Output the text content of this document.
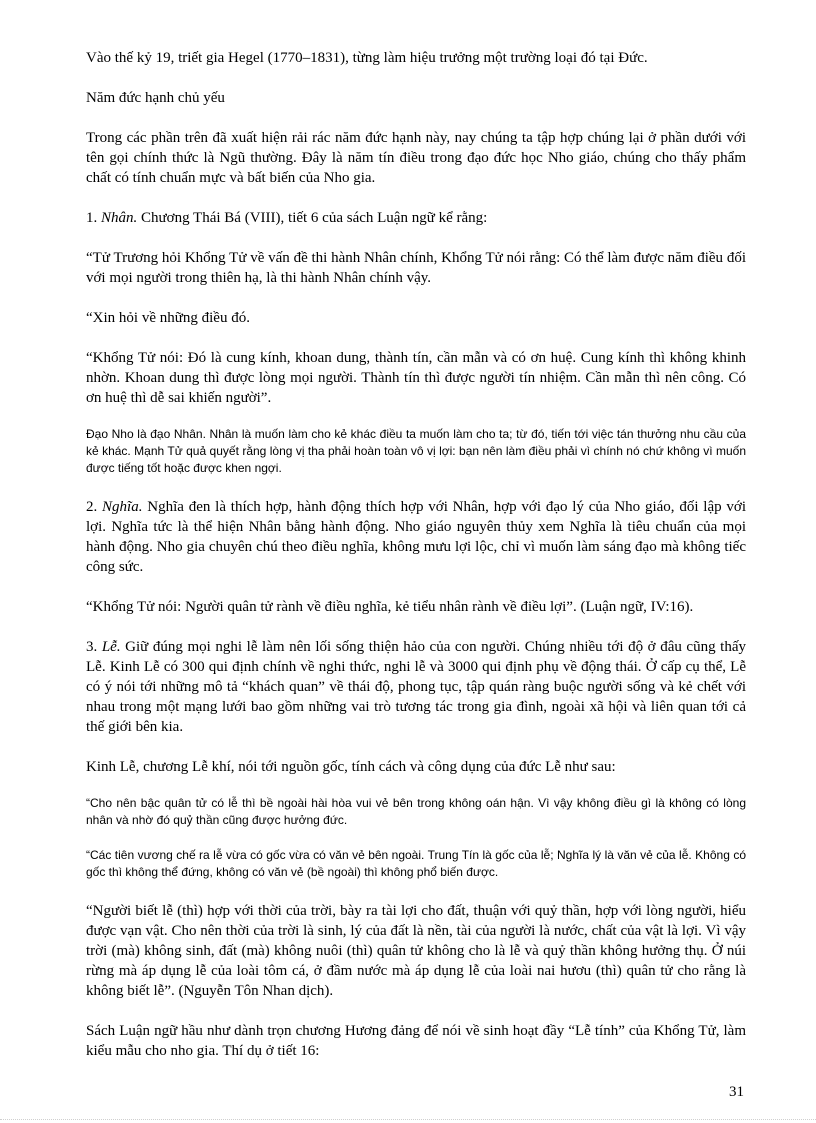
Vào thế kỷ 19, triết gia Hegel (1770–1831), từng làm hiệu trưởng một trường loại đó tại Đức.

Năm đức hạnh chủ yếu

Trong các phần trên đã xuất hiện rải rác năm đức hạnh này, nay chúng ta tập hợp chúng lại ở phần dưới với tên gọi chính thức là Ngũ thường. Đây là năm tín điều trong đạo đức học Nho giáo, chúng cho thấy phẩm chất có tính chuẩn mực và bất biến của Nho gia.

1. Nhân. Chương Thái Bá (VIII), tiết 6 của sách Luận ngữ kể rằng:

“Tử Trương hỏi Khổng Tử về vấn đề thi hành Nhân chính, Khổng Tử nói rằng: Có thể làm được năm điều đối với mọi người trong thiên hạ, là thi hành Nhân chính vậy.

“Xin hỏi về những điều đó.

“Khổng Tử nói: Đó là cung kính, khoan dung, thành tín, cần mẫn và có ơn huệ. Cung kính thì không khinh nhờn. Khoan dung thì được lòng mọi người. Thành tín thì được người tín nhiệm. Cần mẫn thì nên công. Có ơn huệ thì dễ sai khiến người”.

Đạo Nho là đạo Nhân. Nhân là muốn làm cho kẻ khác điều ta muốn làm cho ta; từ đó, tiến tới việc tán thưởng nhu cầu của kẻ khác. Mạnh Tử quả quyết rằng lòng vị tha phải hoàn toàn vô vị lợi: bạn nên làm điều phải vì chính nó chứ không vì muốn được tiếng tốt hoặc được khen ngợi.

2. Nghĩa. Nghĩa đen là thích hợp, hành động thích hợp với Nhân, hợp với đạo lý của Nho giáo, đối lập với lợi. Nghĩa tức là thể hiện Nhân bằng hành động. Nho giáo nguyên thủy xem Nghĩa là tiêu chuẩn của mọi hành động. Nho gia chuyên chú theo điều nghĩa, không mưu lợi lộc, chỉ vì muốn làm sáng đạo mà không tiếc công sức.

“Khổng Tử nói: Người quân tử rành về điều nghĩa, kẻ tiểu nhân rành về điều lợi”. (Luận ngữ, IV:16).

3. Lễ. Giữ đúng mọi nghi lễ làm nên lối sống thiện hảo của con người. Chúng nhiều tới độ ở đâu cũng thấy Lễ. Kinh Lễ có 300 qui định chính về nghi thức, nghi lễ và 3000 qui định phụ về động thái. Ở cấp cụ thể, Lễ có ý nói tới những mô tả “khách quan” về thái độ, phong tục, tập quán ràng buộc người sống và kẻ chết với nhau trong một mạng lưới bao gồm những vai trò tương tác trong gia đình, ngoài xã hội và liên quan tới cả thế giới bên kia.

Kinh Lễ, chương Lễ khí, nói tới nguồn gốc, tính cách và công dụng của đức Lễ như sau:

“Cho nên bậc quân tử có lễ thì bề ngoài hài hòa vui vẻ bên trong không oán hận. Vì vậy không điều gì là không có lòng nhân và nhờ đó quỷ thần cũng được hưởng đức.

“Các tiên vương chế ra lễ vừa có gốc vừa có văn vẻ bên ngoài. Trung Tín là gốc của lễ; Nghĩa lý là văn vẻ của lễ. Không có gốc thì không thể đứng, không có văn vẻ (bề ngoài) thì không phổ biến được.

“Người biết lễ (thì) hợp với thời của trời, bày ra tài lợi cho đất, thuận với quỷ thần, hợp với lòng người, hiểu được vạn vật. Cho nên thời của trời là sinh, lý của đất là nền, tài của người là nước, chất của vật là lợi. Vì vậy trời (mà) không sinh, đất (mà) không nuôi (thì) quân tử không cho là lễ và quỷ thần không hưởng thụ. Ở núi rừng mà áp dụng lễ của loài tôm cá, ở đầm nước mà áp dụng lễ của loài nai hươu (thì) quân tử cho rằng là không biết lễ”. (Nguyễn Tôn Nhan dịch).

Sách Luận ngữ hầu như dành trọn chương Hương đảng để nói về sinh hoạt đầy “Lễ tính” của Khổng Tử, làm kiểu mẫu cho nho gia. Thí dụ ở tiết 16:

31
